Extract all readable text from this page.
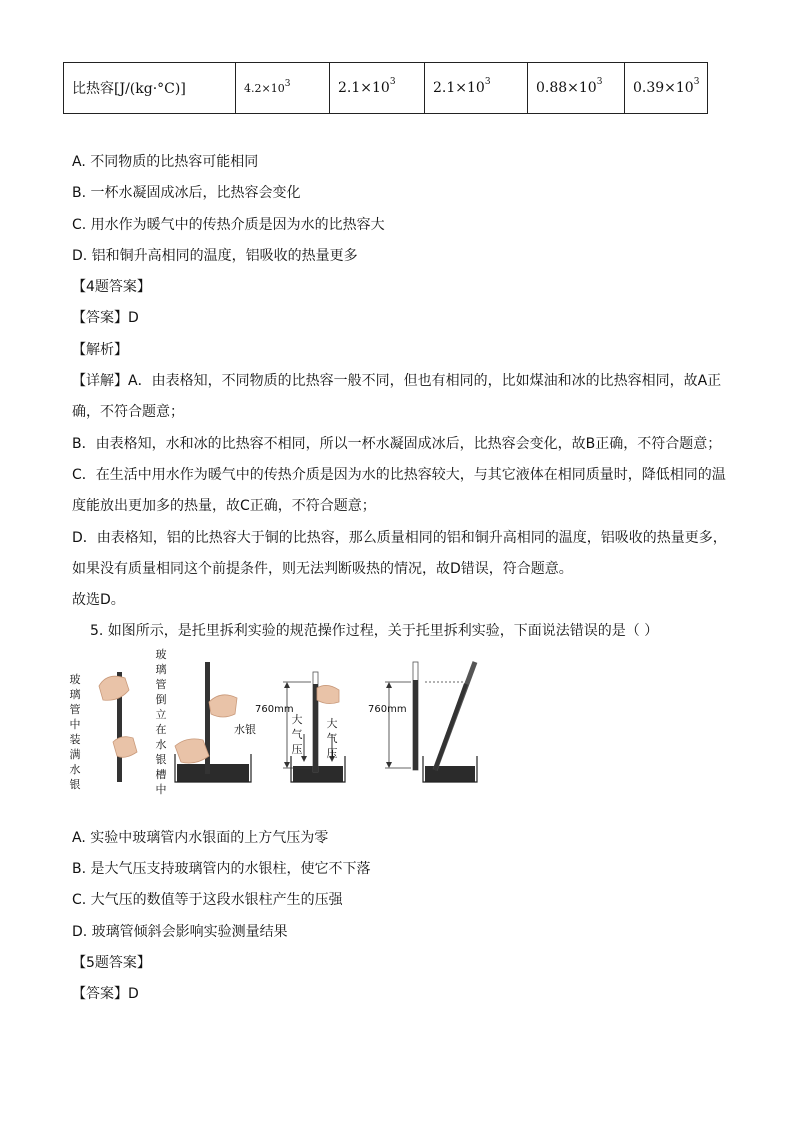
比热容[J/(kg·°C)]	$4.2\times 10^3$	$2.1\times 10^3$	$2.1\times 10^3$	$0.88\times 10^3$	$0.39\times 10^3$
A. 不同物质的比热容可能相同
B. 一杯水凝固成冰后，比热容会变化
C. 用水作为暖气中的传热介质是因为水的比热容大
D. 铝和铜升高相同的温度，铝吸收的热量更多
【4题答案】
【答案】D
【解析】
【详解】A．由表格知，不同物质的比热容一般不同，但也有相同的，比如煤油和冰的比热容相同，故A正
确，不符合题意；
B．由表格知，水和冰的比热容不相同，所以一杯水凝固成冰后，比热容会变化，故B正确，不符合题意；
C．在生活中用水作为暖气中的传热介质是因为水的比热容较大，与其它液体在相同质量时，降低相同的温
度能放出更加多的热量，故C正确，不符合题意；
D．由表格知，铝的比热容大于铜的比热容，那么质量相同的铝和铜升高相同的温度，铝吸收的热量更多，
如果没有质量相同这个前提条件，则无法判断吸热的情况，故D错误，符合题意。
故选D。
5. 如图所示，是托里拆利实验的规范操作过程，关于托里拆利实验，下面说法错误的是（ ）
玻璃管中装满水银
玻璃管倒立在水银槽中
水银
760mm
大气压
大气压
760mm
A. 实验中玻璃管内水银面的上方气压为零
B. 是大气压支持玻璃管内的水银柱，使它不下落
C. 大气压的数值等于这段水银柱产生的压强
D. 玻璃管倾斜会影响实验测量结果
【5题答案】
【答案】D
